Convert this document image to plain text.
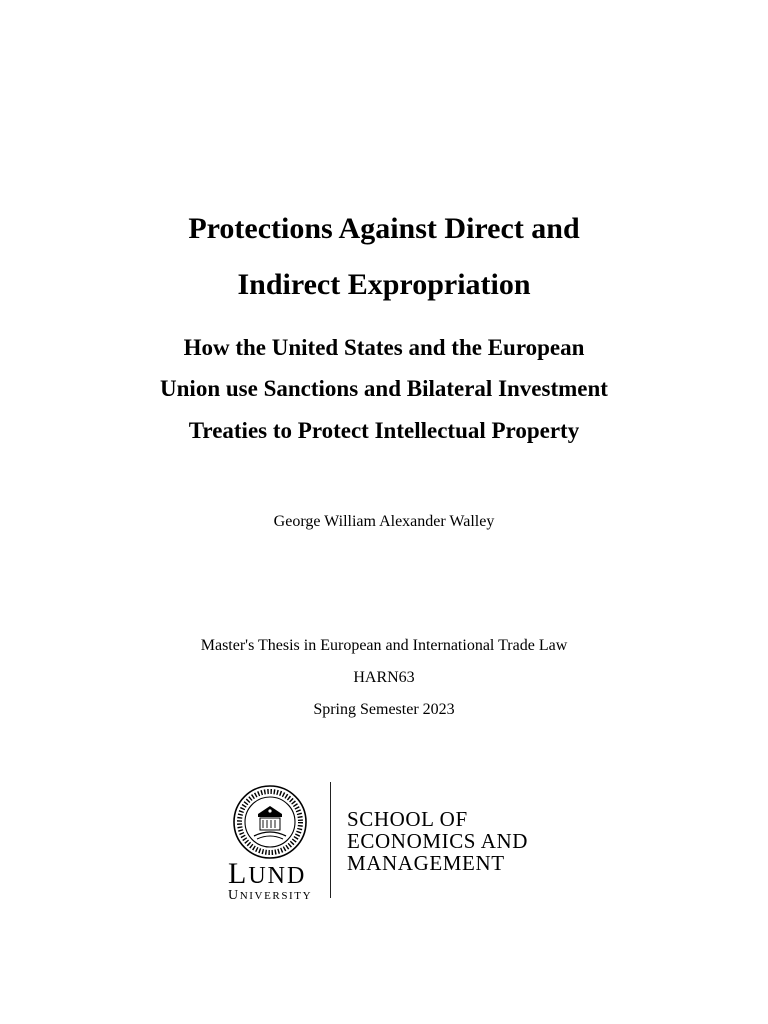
Protections Against Direct and
Indirect Expropriation
How the United States and the European
Union use Sanctions and Bilateral Investment
Treaties to Protect Intellectual Property
George William Alexander Walley
Master's Thesis in European and International Trade Law
HARN63
Spring Semester 2023
LUND
UNIVERSITY
SCHOOL OF
ECONOMICS AND
MANAGEMENT
